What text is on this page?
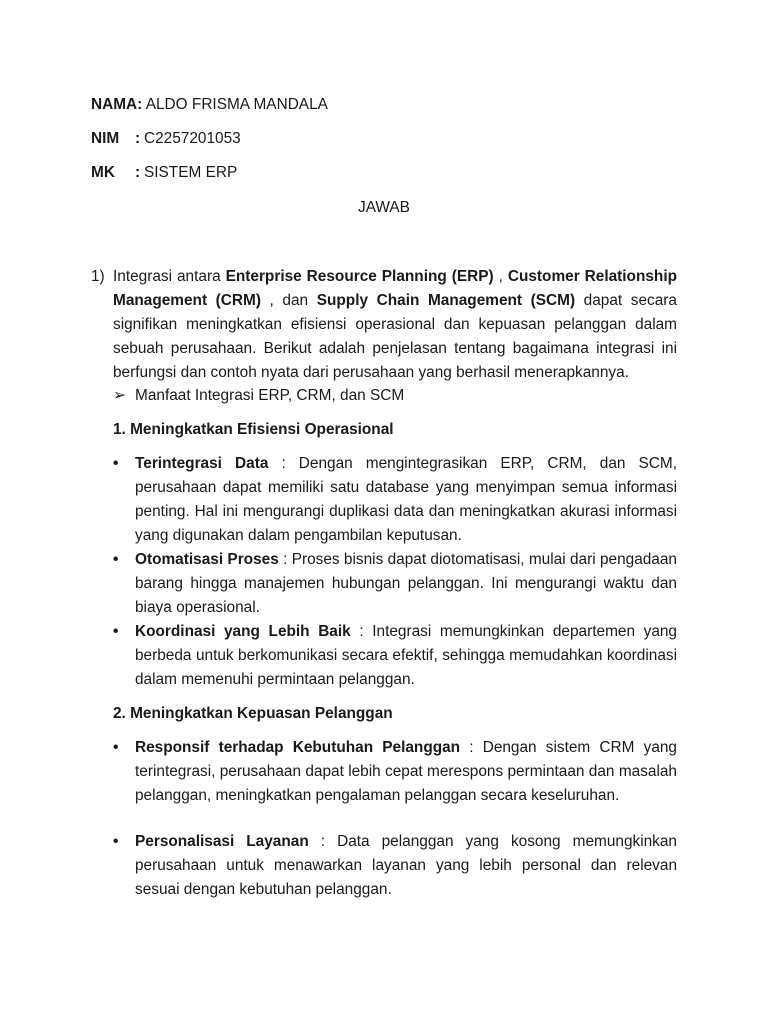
NAMA: ALDO FRISMA MANDALA
NIM : C2257201053
MK : SISTEM ERP
JAWAB
1) Integrasi antara Enterprise Resource Planning (ERP) , Customer Relationship Management (CRM) , dan Supply Chain Management (SCM) dapat secara signifikan meningkatkan efisiensi operasional dan kepuasan pelanggan dalam sebuah perusahaan. Berikut adalah penjelasan tentang bagaimana integrasi ini berfungsi dan contoh nyata dari perusahaan yang berhasil menerapkannya.
➢ Manfaat Integrasi ERP, CRM, dan SCM
1. Meningkatkan Efisiensi Operasional
• Terintegrasi Data : Dengan mengintegrasikan ERP, CRM, dan SCM, perusahaan dapat memiliki satu database yang menyimpan semua informasi penting. Hal ini mengurangi duplikasi data dan meningkatkan akurasi informasi yang digunakan dalam pengambilan keputusan.
• Otomatisasi Proses : Proses bisnis dapat diotomatisasi, mulai dari pengadaan barang hingga manajemen hubungan pelanggan. Ini mengurangi waktu dan biaya operasional.
• Koordinasi yang Lebih Baik : Integrasi memungkinkan departemen yang berbeda untuk berkomunikasi secara efektif, sehingga memudahkan koordinasi dalam memenuhi permintaan pelanggan.
2. Meningkatkan Kepuasan Pelanggan
• Responsif terhadap Kebutuhan Pelanggan : Dengan sistem CRM yang terintegrasi, perusahaan dapat lebih cepat merespons permintaan dan masalah pelanggan, meningkatkan pengalaman pelanggan secara keseluruhan.
• Personalisasi Layanan : Data pelanggan yang kosong memungkinkan perusahaan untuk menawarkan layanan yang lebih personal dan relevan sesuai dengan kebutuhan pelanggan.
